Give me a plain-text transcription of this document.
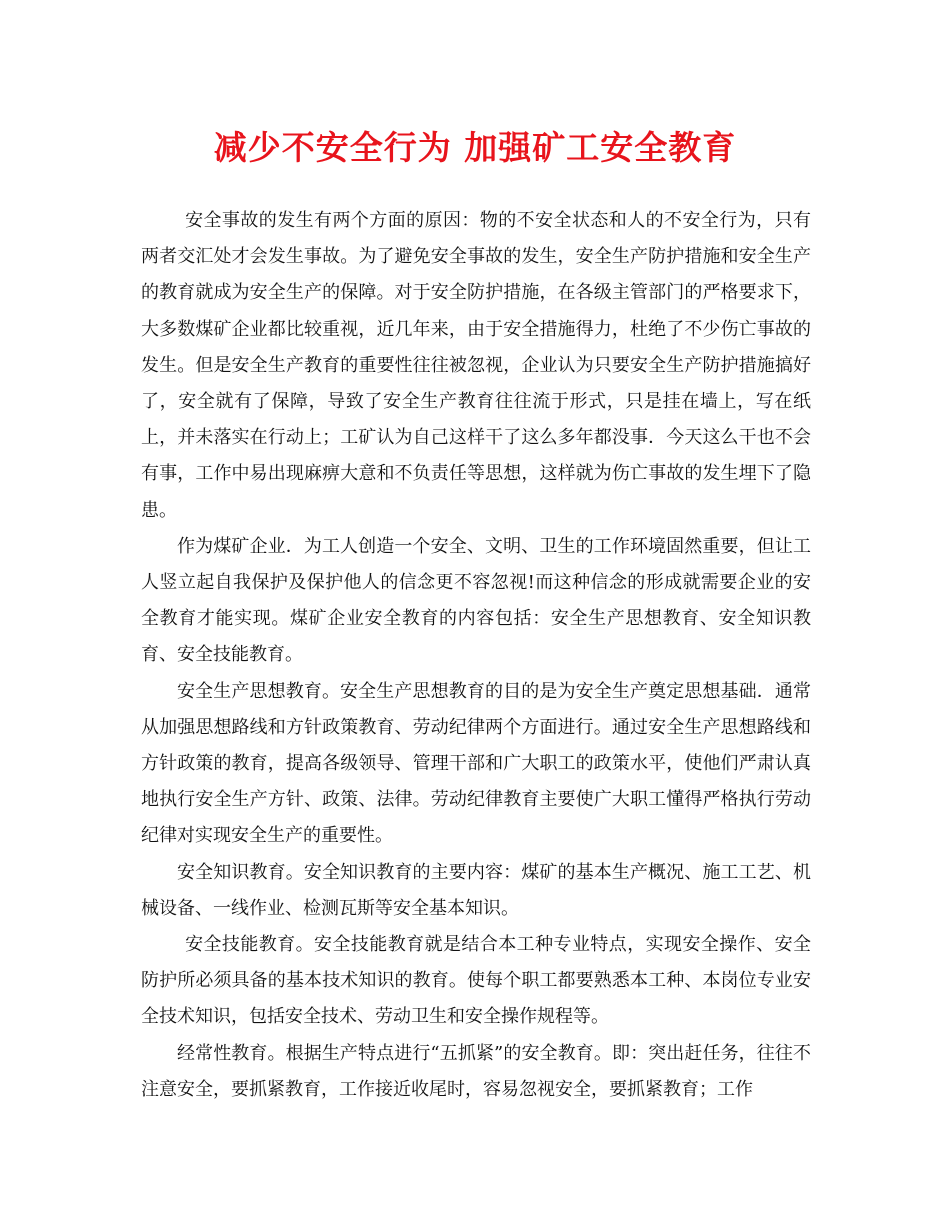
减少不安全行为 加强矿工安全教育

安全事故的发生有两个方面的原因：物的不安全状态和人的不安全行为，只有两者交汇处才会发生事故。为了避免安全事故的发生，安全生产防护措施和安全生产的教育就成为安全生产的保障。对于安全防护措施，在各级主管部门的严格要求下，大多数煤矿企业都比较重视，近几年来，由于安全措施得力，杜绝了不少伤亡事故的发生。但是安全生产教育的重要性往往被忽视，企业认为只要安全生产防护措施搞好了，安全就有了保障，导致了安全生产教育往往流于形式，只是挂在墙上，写在纸上，并未落实在行动上；工矿认为自己这样干了这么多年都没事．今天这么干也不会有事，工作中易出现麻痹大意和不负责任等思想，这样就为伤亡事故的发生埋下了隐患。

作为煤矿企业．为工人创造一个安全、文明、卫生的工作环境固然重要，但让工人竖立起自我保护及保护他人的信念更不容忽视!而这种信念的形成就需要企业的安全教育才能实现。煤矿企业安全教育的内容包括：安全生产思想教育、安全知识教育、安全技能教育。

安全生产思想教育。安全生产思想教育的目的是为安全生产奠定思想基础．通常从加强思想路线和方针政策教育、劳动纪律两个方面进行。通过安全生产思想路线和方针政策的教育，提高各级领导、管理干部和广大职工的政策水平，使他们严肃认真地执行安全生产方针、政策、法律。劳动纪律教育主要使广大职工懂得严格执行劳动纪律对实现安全生产的重要性。

安全知识教育。安全知识教育的主要内容：煤矿的基本生产概况、施工工艺、机械设备、一线作业、检测瓦斯等安全基本知识。

安全技能教育。安全技能教育就是结合本工种专业特点，实现安全操作、安全防护所必须具备的基本技术知识的教育。使每个职工都要熟悉本工种、本岗位专业安全技术知识，包括安全技术、劳动卫生和安全操作规程等。

经常性教育。根据生产特点进行“五抓紧”的安全教育。即：突出赶任务，往往不注意安全，要抓紧教育，工作接近收尾时，容易忽视安全，要抓紧教育；工作
